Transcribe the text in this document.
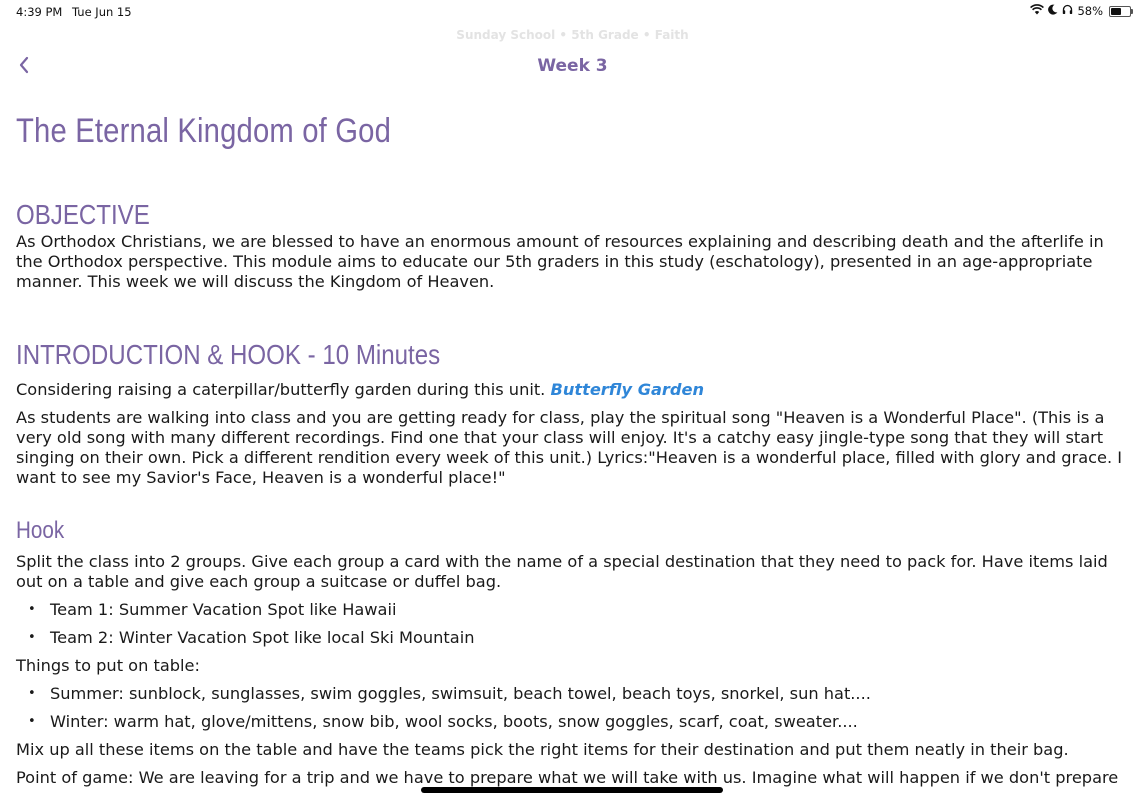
4:39 PM Tue Jun 15	58%
Sunday School • 5th Grade • Faith
Week 3
The Eternal Kingdom of God
OBJECTIVE

As Orthodox Christians, we are blessed to have an enormous amount of resources explaining and describing death and the afterlife in the Orthodox perspective. This module aims to educate our 5th graders in this study (eschatology), presented in an age-appropriate manner. This week we will discuss the Kingdom of Heaven.

INTRODUCTION & HOOK - 10 Minutes

Considering raising a caterpillar/butterfly garden during this unit. Butterfly Garden

As students are walking into class and you are getting ready for class, play the spiritual song "Heaven is a Wonderful Place". (This is a very old song with many different recordings. Find one that your class will enjoy. It's a catchy easy jingle-type song that they will start singing on their own. Pick a different rendition every week of this unit.) Lyrics:"Heaven is a wonderful place, filled with glory and grace. I want to see my Savior's Face, Heaven is a wonderful place!"

Hook

Split the class into 2 groups. Give each group a card with the name of a special destination that they need to pack for. Have items laid out on a table and give each group a suitcase or duffel bag.

• Team 1: Summer Vacation Spot like Hawaii
• Team 2: Winter Vacation Spot like local Ski Mountain

Things to put on table:

• Summer: sunblock, sunglasses, swim goggles, swimsuit, beach towel, beach toys, snorkel, sun hat....
• Winter: warm hat, glove/mittens, snow bib, wool socks, boots, snow goggles, scarf, coat, sweater....

Mix up all these items on the table and have the teams pick the right items for their destination and put them neatly in their bag.

Point of game: We are leaving for a trip and we have to prepare what we will take with us. Imagine what will happen if we don't prepare
